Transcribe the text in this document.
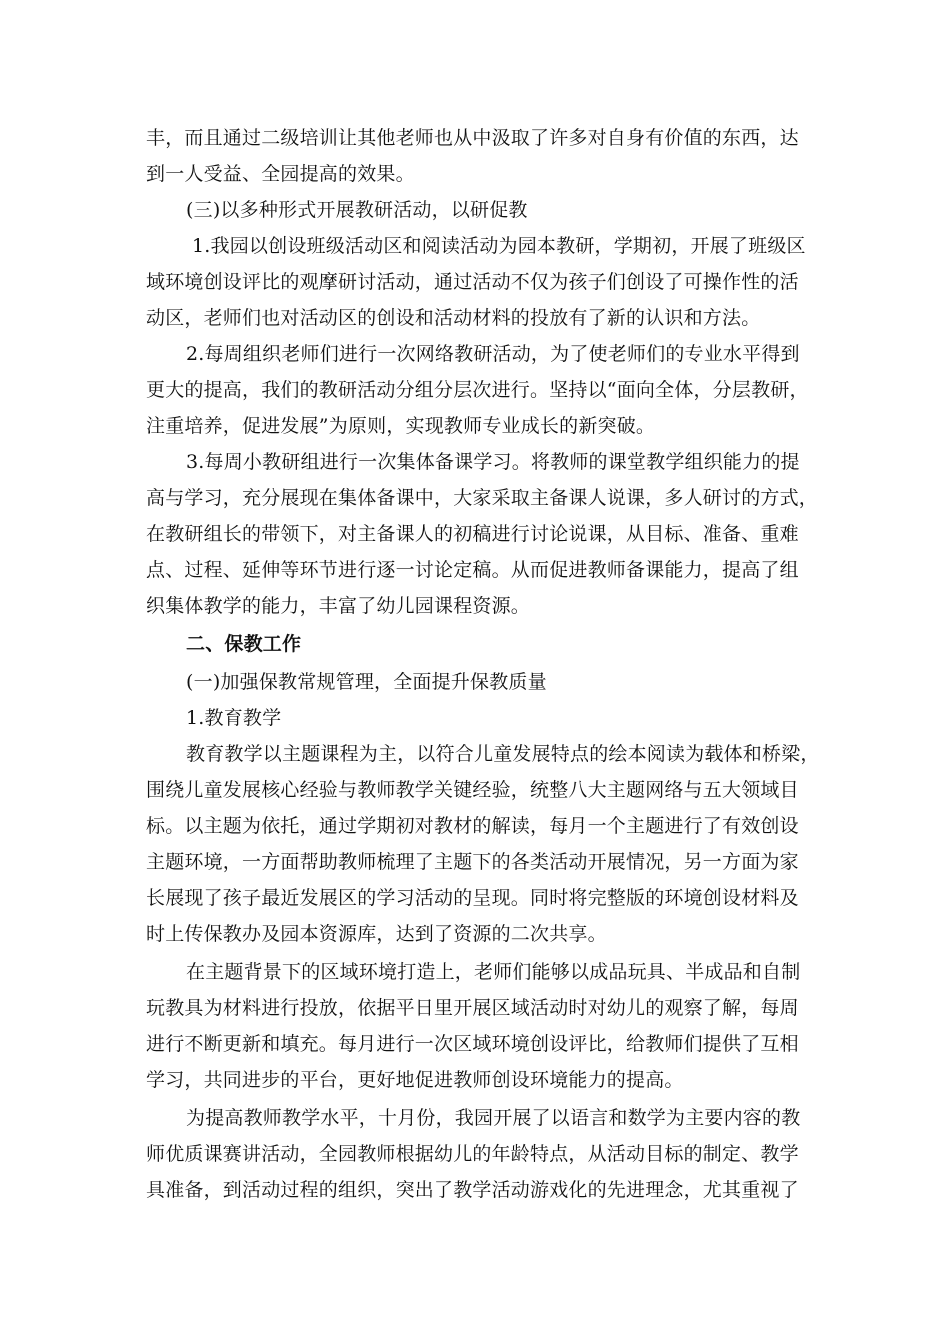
丰，而且通过二级培训让其他老师也从中汲取了许多对自身有价值的东西，达
到一人受益、全园提高的效果。
(三)以多种形式开展教研活动，以研促教
1.我园以创设班级活动区和阅读活动为园本教研，学期初，开展了班级区
域环境创设评比的观摩研讨活动，通过活动不仅为孩子们创设了可操作性的活
动区，老师们也对活动区的创设和活动材料的投放有了新的认识和方法。
2.每周组织老师们进行一次网络教研活动，为了使老师们的专业水平得到
更大的提高，我们的教研活动分组分层次进行。坚持以“面向全体，分层教研，
注重培养，促进发展”为原则，实现教师专业成长的新突破。
3.每周小教研组进行一次集体备课学习。将教师的课堂教学组织能力的提
高与学习，充分展现在集体备课中，大家采取主备课人说课，多人研讨的方式，
在教研组长的带领下，对主备课人的初稿进行讨论说课，从目标、准备、重难
点、过程、延伸等环节进行逐一讨论定稿。从而促进教师备课能力，提高了组
织集体教学的能力，丰富了幼儿园课程资源。
二、保教工作
(一)加强保教常规管理，全面提升保教质量
1.教育教学
教育教学以主题课程为主，以符合儿童发展特点的绘本阅读为载体和桥梁，
围绕儿童发展核心经验与教师教学关键经验，统整八大主题网络与五大领域目
标。以主题为依托，通过学期初对教材的解读，每月一个主题进行了有效创设
主题环境，一方面帮助教师梳理了主题下的各类活动开展情况，另一方面为家
长展现了孩子最近发展区的学习活动的呈现。同时将完整版的环境创设材料及
时上传保教办及园本资源库，达到了资源的二次共享。
在主题背景下的区域环境打造上，老师们能够以成品玩具、半成品和自制
玩教具为材料进行投放，依据平日里开展区域活动时对幼儿的观察了解，每周
进行不断更新和填充。每月进行一次区域环境创设评比，给教师们提供了互相
学习，共同进步的平台，更好地促进教师创设环境能力的提高。
为提高教师教学水平，十月份，我园开展了以语言和数学为主要内容的教
师优质课赛讲活动，全园教师根据幼儿的年龄特点，从活动目标的制定、教学
具准备，到活动过程的组织，突出了教学活动游戏化的先进理念，尤其重视了
